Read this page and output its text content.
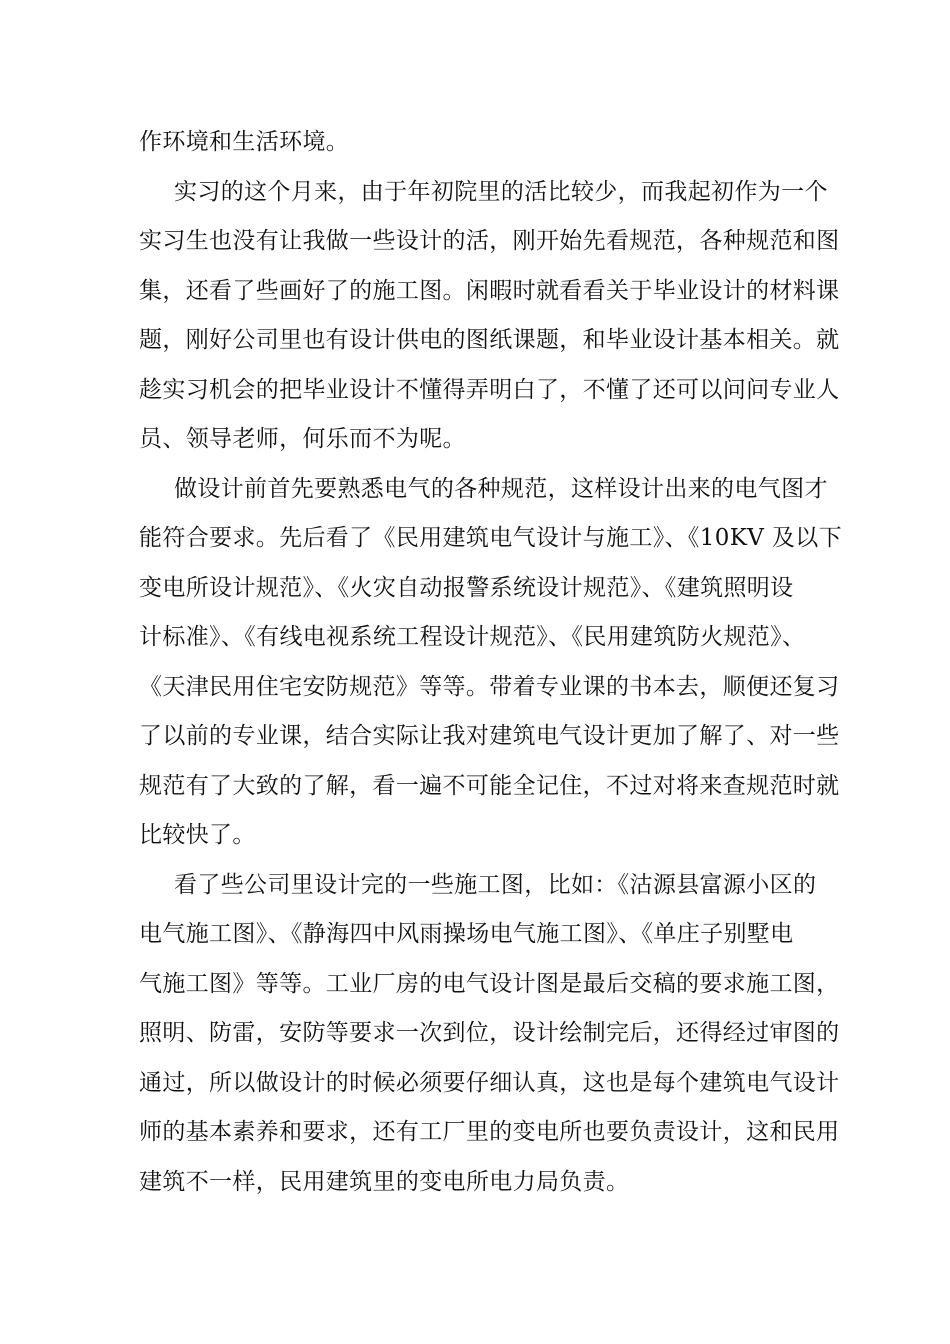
作环境和生活环境。
实习的这个月来，由于年初院里的活比较少，而我起初作为一个
实习生也没有让我做一些设计的活，刚开始先看规范，各种规范和图
集，还看了些画好了的施工图。闲暇时就看看关于毕业设计的材料课
题，刚好公司里也有设计供电的图纸课题，和毕业设计基本相关。就
趁实习机会的把毕业设计不懂得弄明白了，不懂了还可以问问专业人
员、领导老师，何乐而不为呢。
做设计前首先要熟悉电气的各种规范，这样设计出来的电气图才
能符合要求。先后看了《民用建筑电气设计与施工》、《10KV 及以下
变电所设计规范》、《火灾自动报警系统设计规范》、《建筑照明设
计标准》、《有线电视系统工程设计规范》、《民用建筑防火规范》、
《天津民用住宅安防规范》等等。带着专业课的书本去，顺便还复习
了以前的专业课，结合实际让我对建筑电气设计更加了解了、对一些
规范有了大致的了解，看一遍不可能全记住，不过对将来查规范时就
比较快了。
看了些公司里设计完的一些施工图，比如：《沽源县富源小区的
电气施工图》、《静海四中风雨操场电气施工图》、《单庄子别墅电
气施工图》等等。工业厂房的电气设计图是最后交稿的要求施工图，
照明、防雷，安防等要求一次到位，设计绘制完后，还得经过审图的
通过，所以做设计的时候必须要仔细认真，这也是每个建筑电气设计
师的基本素养和要求，还有工厂里的变电所也要负责设计，这和民用
建筑不一样，民用建筑里的变电所电力局负责。
